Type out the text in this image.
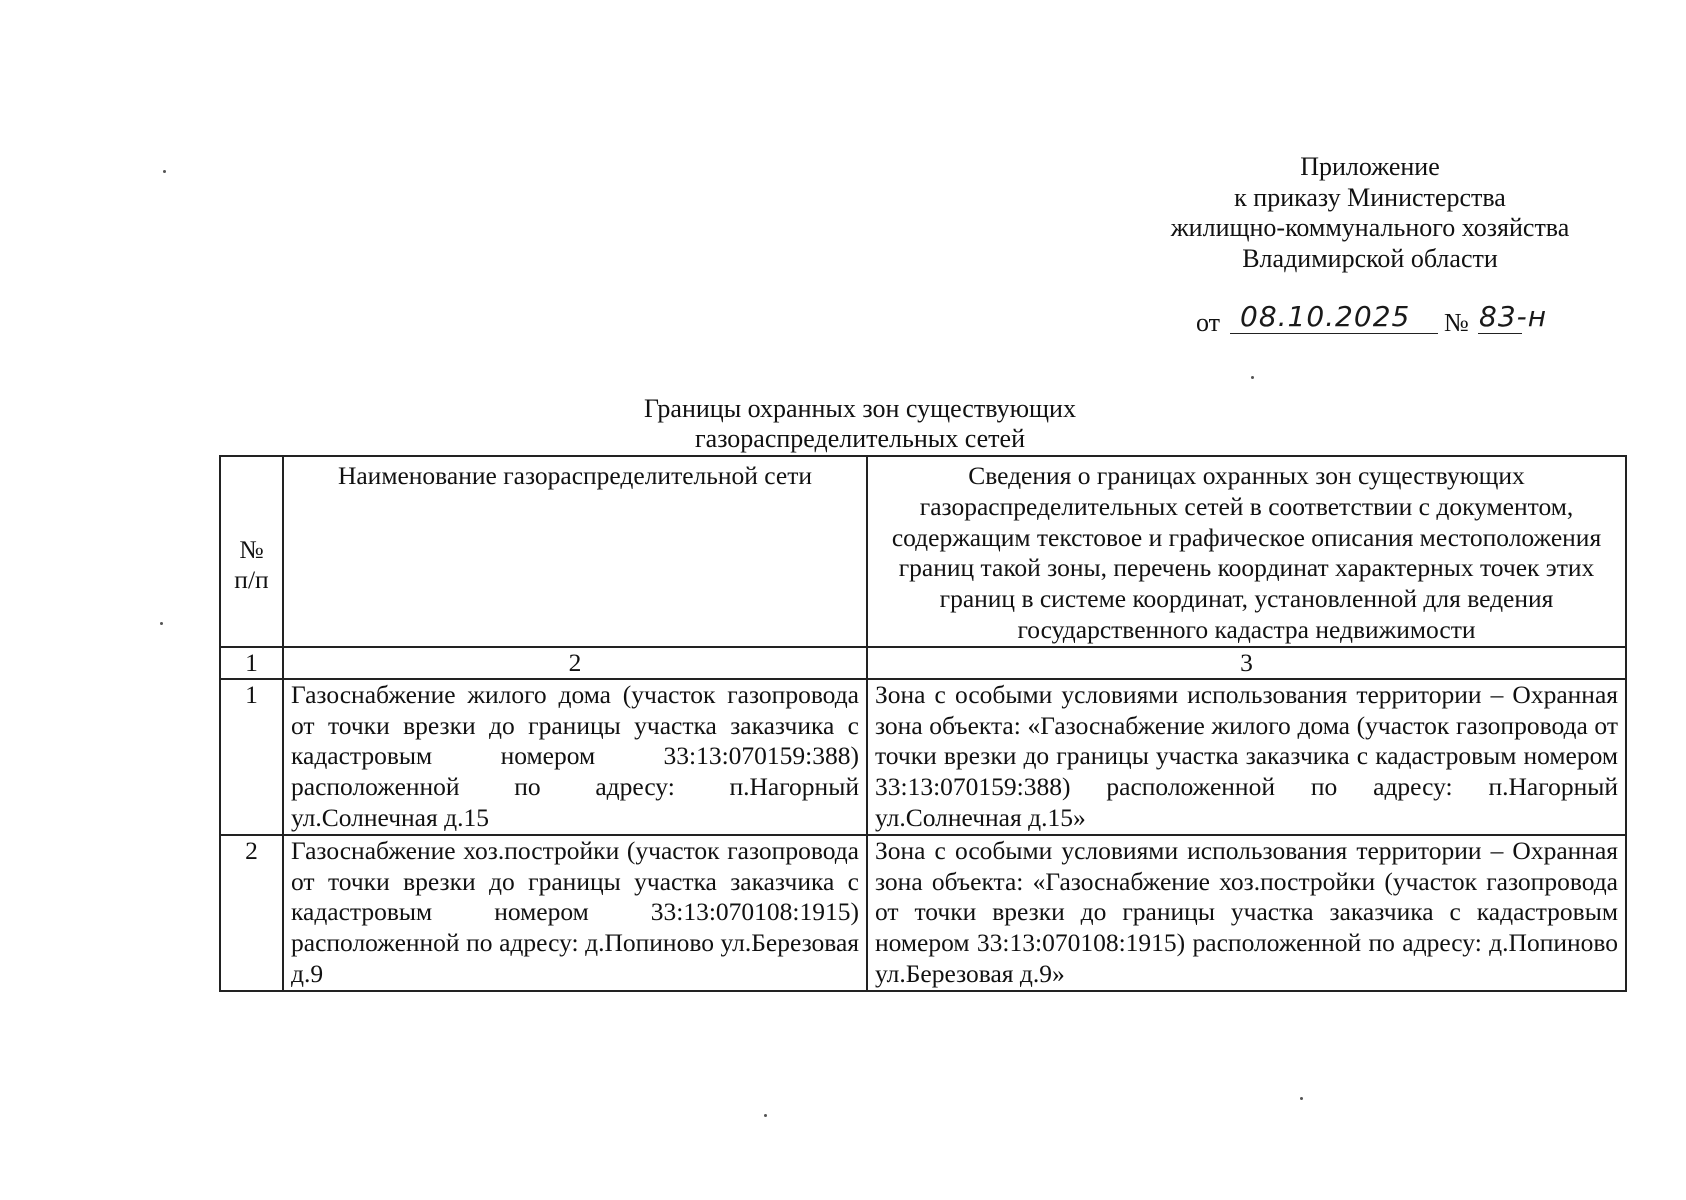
Приложение
к приказу Министерства
жилищно-коммунального хозяйства
Владимирской области
от 08.10.2025 № 83-н
Границы охранных зон существующих
газораспределительных сетей
№ п/п	Наименование газораспределительной сети	Сведения о границах охранных зон существующих газораспределительных сетей в соответствии с документом, содержащим текстовое и графическое описания местоположения границ такой зоны, перечень координат характерных точек этих границ в системе координат, установленной для ведения государственного кадастра недвижимости
1	2	3
1	Газоснабжение жилого дома (участок газопровода от точки врезки до границы участка заказчика с кадастровым номером 33:13:070159:388) расположенной по адресу: п.Нагорный ул.Солнечная д.15	Зона с особыми условиями использования территории – Охранная зона объекта: «Газоснабжение жилого дома (участок газопровода от точки врезки до границы участка заказчика с кадастровым номером 33:13:070159:388) расположенной по адресу: п.Нагорный ул.Солнечная д.15»
2	Газоснабжение хоз.постройки (участок газопровода от точки врезки до границы участка заказчика с кадастровым номером 33:13:070108:1915) расположенной по адресу: д.Попиново ул.Березовая д.9	Зона с особыми условиями использования территории – Охранная зона объекта: «Газоснабжение хоз.постройки (участок газопровода от точки врезки до границы участка заказчика с кадастровым номером 33:13:070108:1915) расположенной по адресу: д.Попиново ул.Березовая д.9»
